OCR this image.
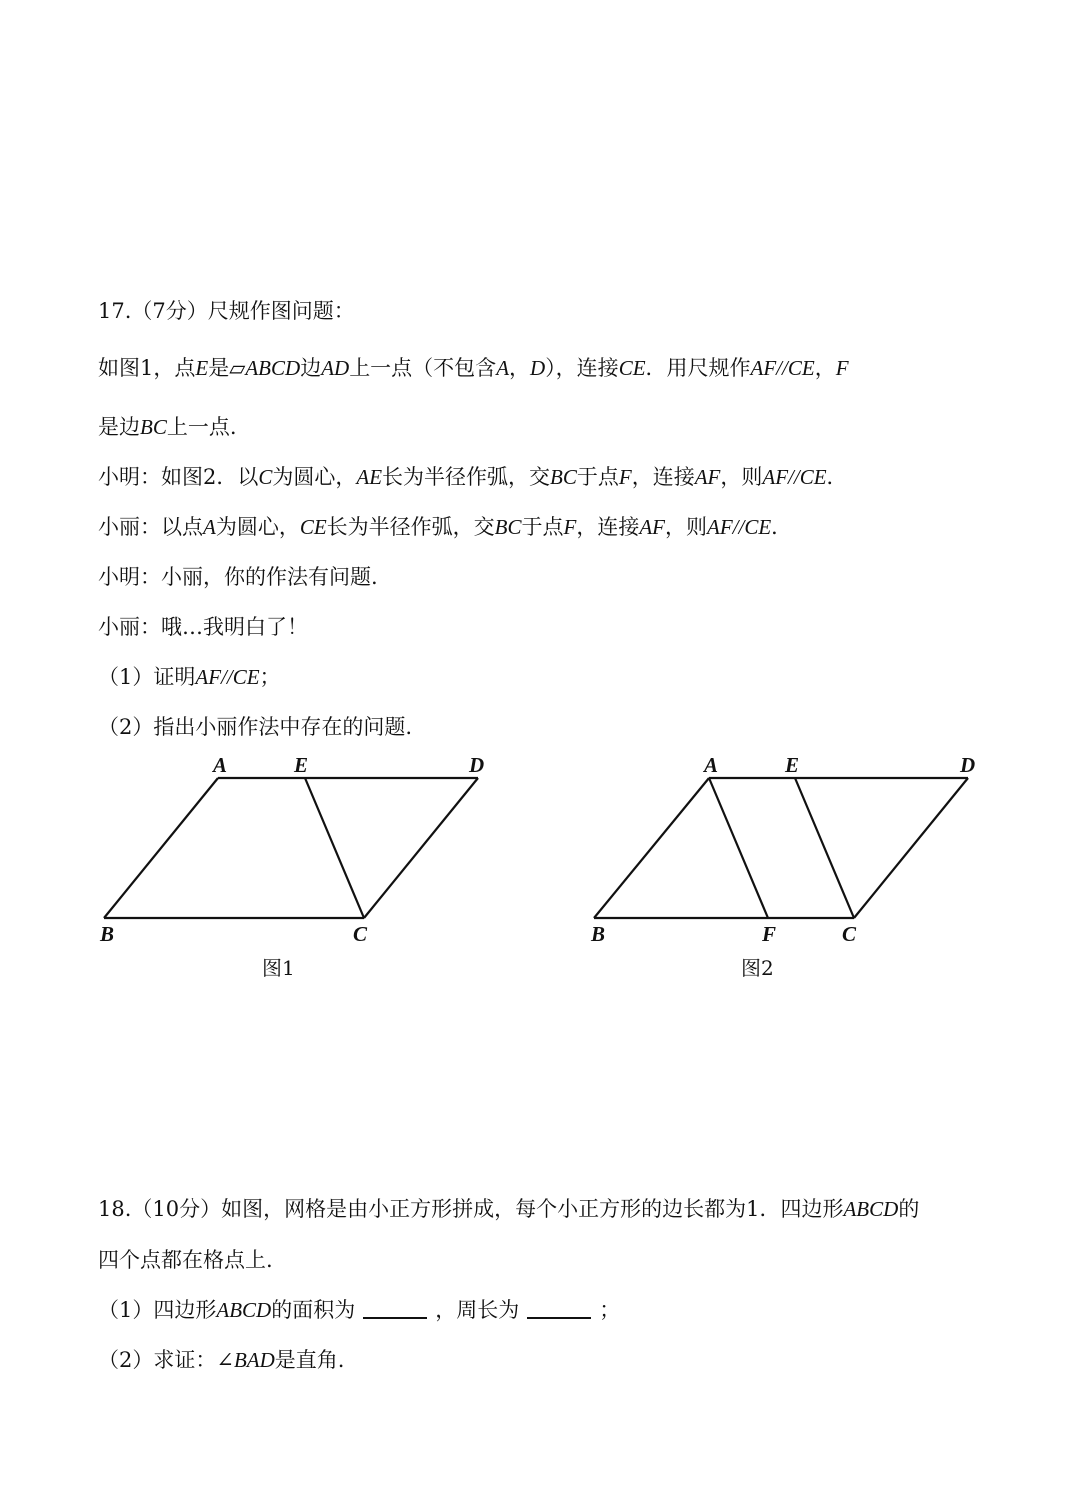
17.（7分）尺规作图问题：

如图1，点E是▱ABCD边AD上一点（不包含A，D），连接CE．用尺规作AF//CE，F

是边BC上一点.

小明：如图2．以C为圆心，AE长为半径作弧，交BC于点F，连接AF，则AF//CE．

小丽：以点A为圆心，CE长为半径作弧，交BC于点F，连接AF，则AF//CE．

小明：小丽，你的作法有问题.

小丽：哦…我明白了！

（1）证明AF//CE；

（2）指出小丽作法中存在的问题.

A	E	D
B	C
图1
A	E	D
B	F	C
图2

18.（10分）如图，网格是由小正方形拼成，每个小正方形的边长都为1．四边形ABCD的

四个点都在格点上.

（1）四边形ABCD的面积为	，周长为	；

（2）求证：∠BAD是直角.
